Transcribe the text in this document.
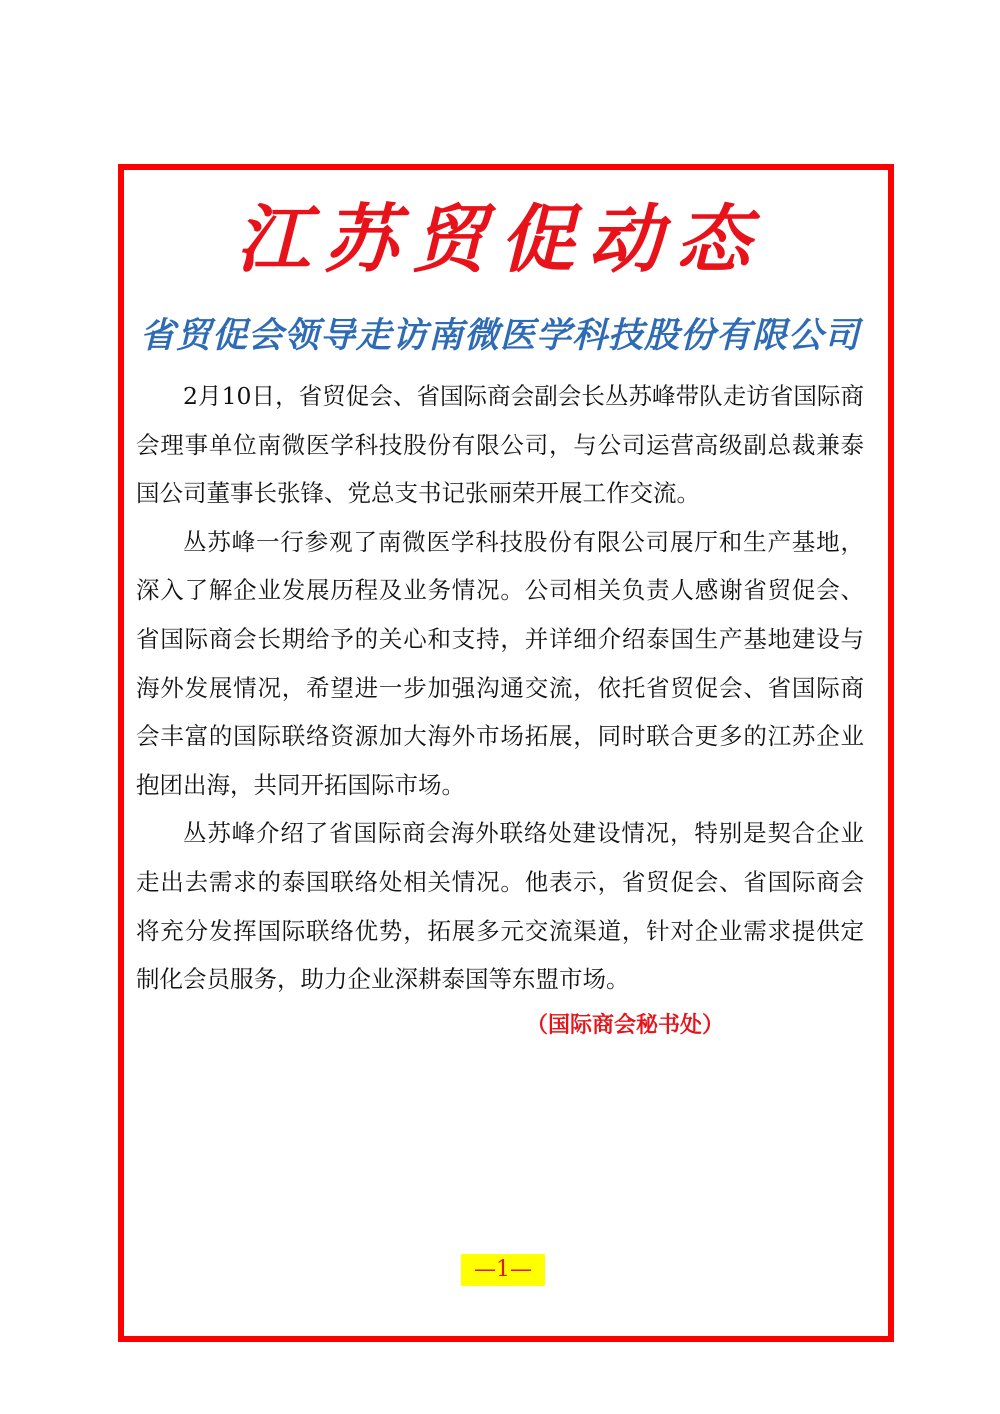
江苏贸促动态
省贸促会领导走访南微医学科技股份有限公司

2月10日，省贸促会、省国际商会副会长丛苏峰带队走访省国际商会理事单位南微医学科技股份有限公司，与公司运营高级副总裁兼泰国公司董事长张锋、党总支书记张丽荣开展工作交流。

丛苏峰一行参观了南微医学科技股份有限公司展厅和生产基地，深入了解企业发展历程及业务情况。公司相关负责人感谢省贸促会、省国际商会长期给予的关心和支持，并详细介绍泰国生产基地建设与海外发展情况，希望进一步加强沟通交流，依托省贸促会、省国际商会丰富的国际联络资源加大海外市场拓展，同时联合更多的江苏企业抱团出海，共同开拓国际市场。

丛苏峰介绍了省国际商会海外联络处建设情况，特别是契合企业走出去需求的泰国联络处相关情况。他表示，省贸促会、省国际商会将充分发挥国际联络优势，拓展多元交流渠道，针对企业需求提供定制化会员服务，助力企业深耕泰国等东盟市场。

（国际商会秘书处）
—1—
